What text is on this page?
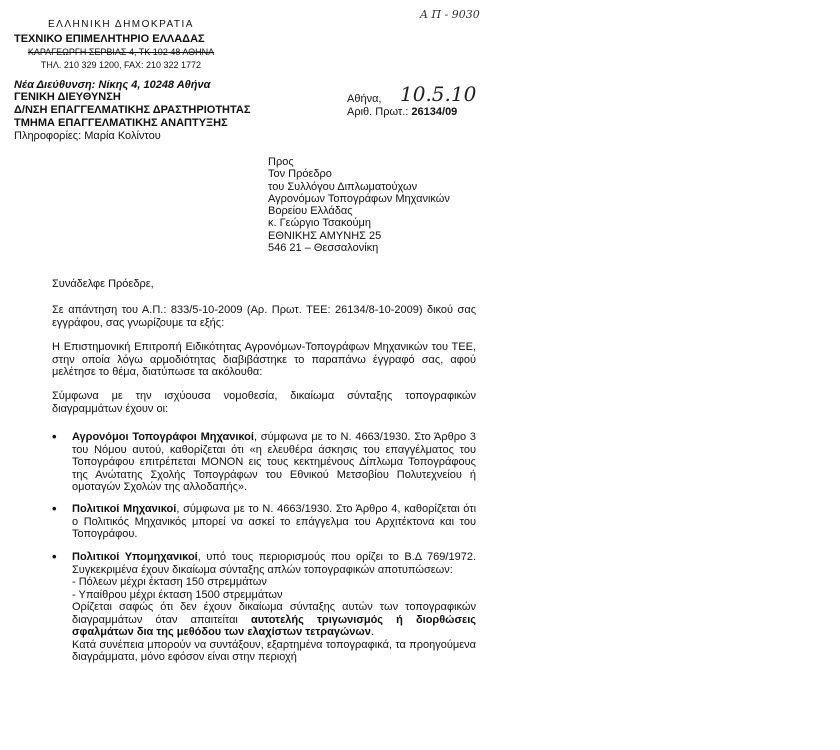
Α Π - 9030
ΕΛΛΗΝΙΚΗ ΔΗΜΟΚΡΑΤΙΑ
ΤΕΧΝΙΚΟ ΕΠΙΜΕΛΗΤΗΡΙΟ ΕΛΛΑΔΑΣ
ΚΑΡΑΓΕΩΡΓΗ ΣΕΡΒΙΑΣ 4, ΤΚ 102 48 ΑΘΗΝΑ
ΤΗΛ. 210 329 1200, FAX: 210 322 1772
Νέα Διεύθυνση: Νίκης 4, 10248 Αθήνα
ΓΕΝΙΚΗ ΔΙΕΥΘΥΝΣΗ
Δ/ΝΣΗ ΕΠΑΓΓΕΛΜΑΤΙΚΗΣ ΔΡΑΣΤΗΡΙΟΤΗΤΑΣ
ΤΜΗΜΑ ΕΠΑΓΓΕΛΜΑΤΙΚΗΣ ΑΝΑΠΤΥΞΗΣ
Πληροφορίες: Μαρία Κολίντου
Αθήνα, 10.5.10
Αριθ. Πρωτ.: 26134/09

Προς

Τον Πρόεδρο

του Συλλόγου Διπλωματούχων

Αγρονόμων Τοπογράφων Μηχανικών

Βορείου Ελλάδας

κ. Γεώργιο Τσακούμη

ΕΘΝΙΚΗΣ ΑΜΥΝΗΣ 25

546 21 – Θεσσαλονίκη

Συνάδελφε Πρόεδρε,
Σε απάντηση του Α.Π.: 833/5-10-2009 (Αρ. Πρωτ. ΤΕΕ: 26134/8-10-2009) δικού σας εγγράφου, σας γνωρίζουμε τα εξής:
Η Επιστημονική Επιτροπή Ειδικότητας Αγρονόμων-Τοπογράφων Μηχανικών του ΤΕΕ, στην οποία λόγω αρμοδιότητας διαβιβάστηκε το παραπάνω έγγραφό σας, αφού μελέτησε το θέμα, διατύπωσε τα ακόλουθα:
Σύμφωνα με την ισχύουσα νομοθεσία, δικαίωμα σύνταξης τοπογραφικών διαγραμμάτων έχουν οι:
• Αγρονόμοι Τοπογράφοι Μηχανικοί, σύμφωνα με το Ν. 4663/1930. Στο Άρθρο 3 του Νόμου αυτού, καθορίζεται ότι «η ελευθέρα άσκησις του επαγγέλματος του Τοπογράφου επιτρέπεται ΜΟΝΟΝ εις τους κεκτημένους Δίπλωμα Τοπογράφους της Ανώτατης Σχολής Τοπογράφων του Εθνικού Μετσοβίου Πολυτεχνείου ή ομοταγών Σχολών της αλλοδαπής».
• Πολιτικοί Μηχανικοί, σύμφωνα με το Ν. 4663/1930. Στο Άρθρο 4, καθορίζεται ότι ο Πολιτικός Μηχανικός μπορεί να ασκεί το επάγγελμα του Αρχιτέκτονα και του Τοπογράφου.
• Πολιτικοί Υπομηχανικοί, υπό τους περιορισμούς που ορίζει το Β.Δ 769/1972. Συγκεκριμένα έχουν δικαίωμα σύνταξης απλών τοπογραφικών αποτυπώσεων:
- Πόλεων μέχρι έκταση 150 στρεμμάτων
- Υπαίθρου μέχρι έκταση 1500 στρεμμάτων
Ορίζεται σαφώς ότι δεν έχουν δικαίωμα σύνταξης αυτών των τοπογραφικών διαγραμμάτων όταν απαιτείται αυτοτελής τριγωνισμός ή διορθώσεις σφαλμάτων δια της μεθόδου των ελαχίστων τετραγώνων.
Κατά συνέπεια μπορούν να συντάξουν, εξαρτημένα τοπογραφικά, τα προηγούμενα διαγράμματα, μόνο εφόσον είναι στην περιοχή
